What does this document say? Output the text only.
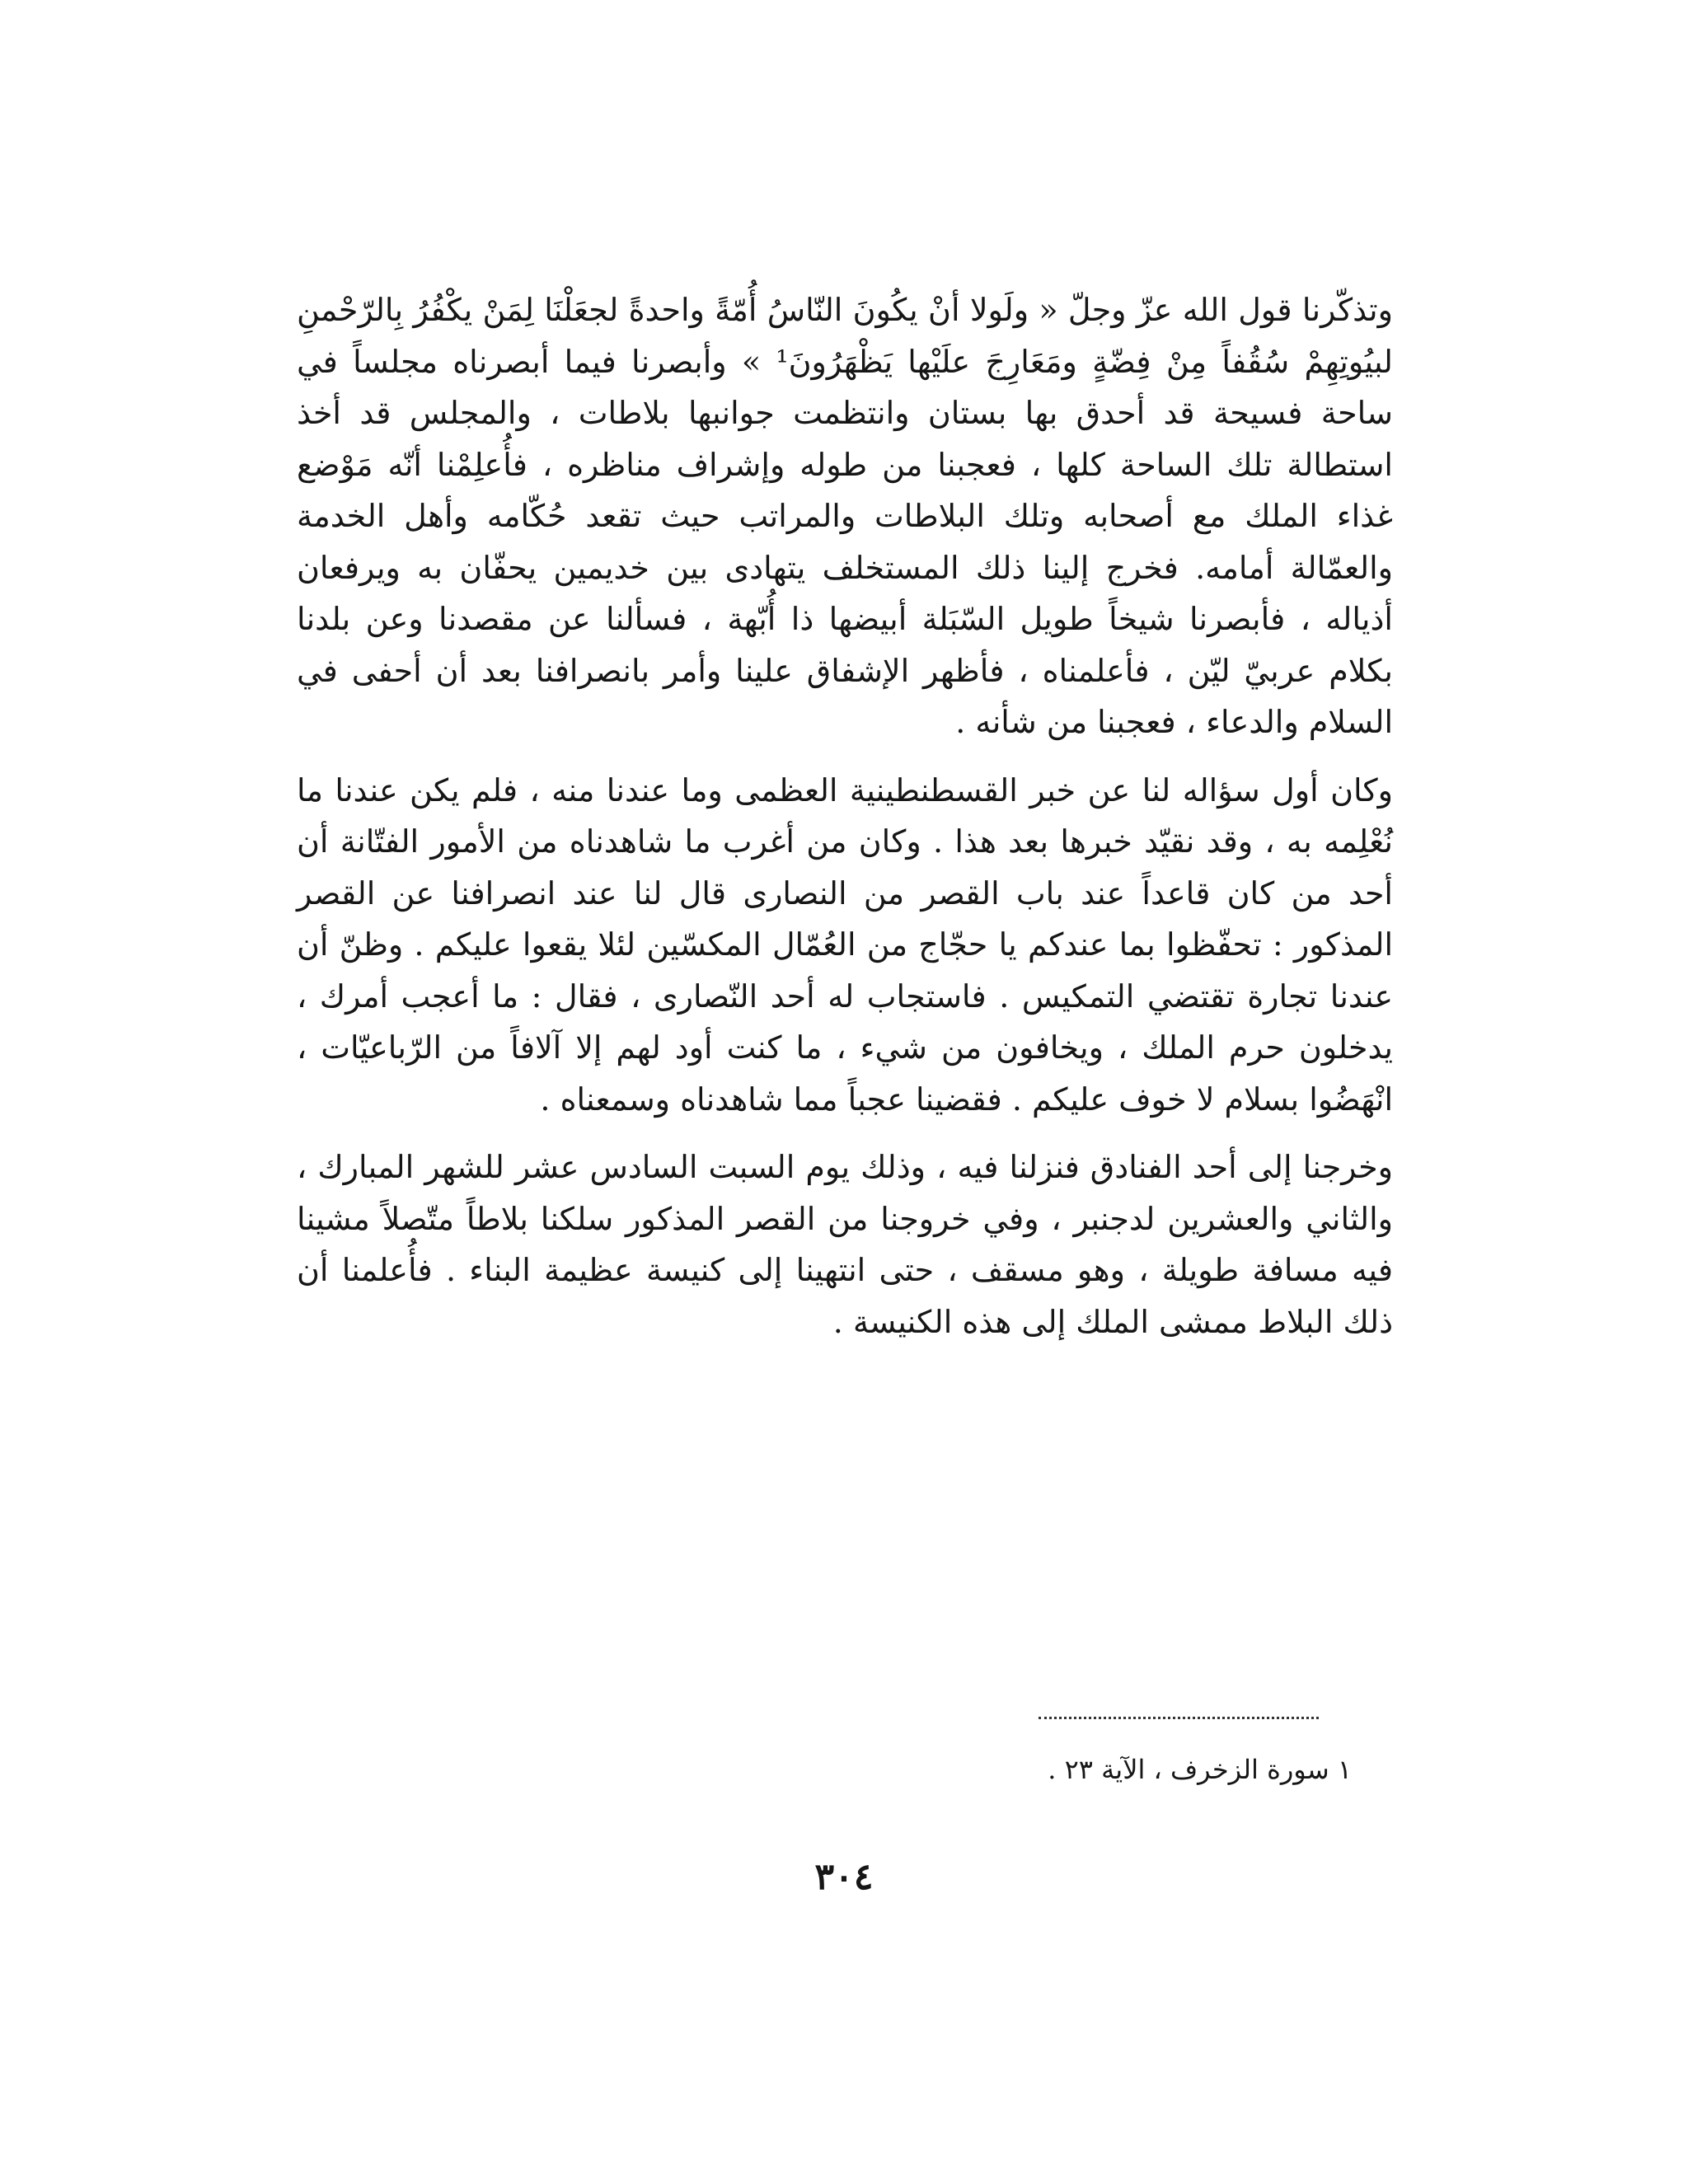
وتذكّرنا قول الله عزّ وجلّ « ولَولا أنْ يكُونَ النّاسُ أُمّةً واحدةً لجعَلْنَا لِمَنْ يكْفُرُ بِالرّحْمنِ لبيُوتِهِمْ سُقُفاً مِنْ فِضّةٍ ومَعَارِجَ علَيْها يَظْهَرُونَ¹ » وأبصرنا فيما أبصرناه مجلساً في ساحة فسيحة قد أحدق بها بستان وانتظمت جوانبها بلاطات ، والمجلس قد أخذ استطالة تلك الساحة كلها ، فعجبنا من طوله وإشراف مناظره ، فأُعلِمْنا أنّه مَوْضع غذاء الملك مع أصحابه وتلك البلاطات والمراتب حيث تقعد حُكّامه وأهل الخدمة والعمّالة أمامه. فخرج إلينا ذلك المستخلف يتهادى بين خديمين يحفّان به ويرفعان أذياله ، فأبصرنا شيخاً طويل السّبَلة أبيضها ذا أُبّهة ، فسألنا عن مقصدنا وعن بلدنا بكلام عربيّ ليّن ، فأعلمناه ، فأظهر الإشفاق علينا وأمر بانصرافنا بعد أن أحفى في السلام والدعاء ، فعجبنا من شأنه .

وكان أول سؤاله لنا عن خبر القسطنطينية العظمى وما عندنا منه ، فلم يكن عندنا ما نُعْلِمه به ، وقد نقيّد خبرها بعد هذا . وكان من أغرب ما شاهدناه من الأمور الفتّانة أن أحد من كان قاعداً عند باب القصر من النصارى قال لنا عند انصرافنا عن القصر المذكور : تحفّظوا بما عندكم يا حجّاج من العُمّال المكسّين لئلا يقعوا عليكم . وظنّ أن عندنا تجارة تقتضي التمكيس . فاستجاب له أحد النّصارى ، فقال : ما أعجب أمرك ، يدخلون حرم الملك ، ويخافون من شيء ، ما كنت أود لهم إلا آلافاً من الرّباعيّات ، انْهَضُوا بسلام لا خوف عليكم . فقضينا عجباً مما شاهدناه وسمعناه .

وخرجنا إلى أحد الفنادق فنزلنا فيه ، وذلك يوم السبت السادس عشر للشهر المبارك ، والثاني والعشرين لدجنبر ، وفي خروجنا من القصر المذكور سلكنا بلاطاً متّصلاً مشينا فيه مسافة طويلة ، وهو مسقف ، حتى انتهينا إلى كنيسة عظيمة البناء . فأُعلمنا أن ذلك البلاط ممشى الملك إلى هذه الكنيسة .

١ سورة الزخرف ، الآية ٢٣ .

٣٠٤
